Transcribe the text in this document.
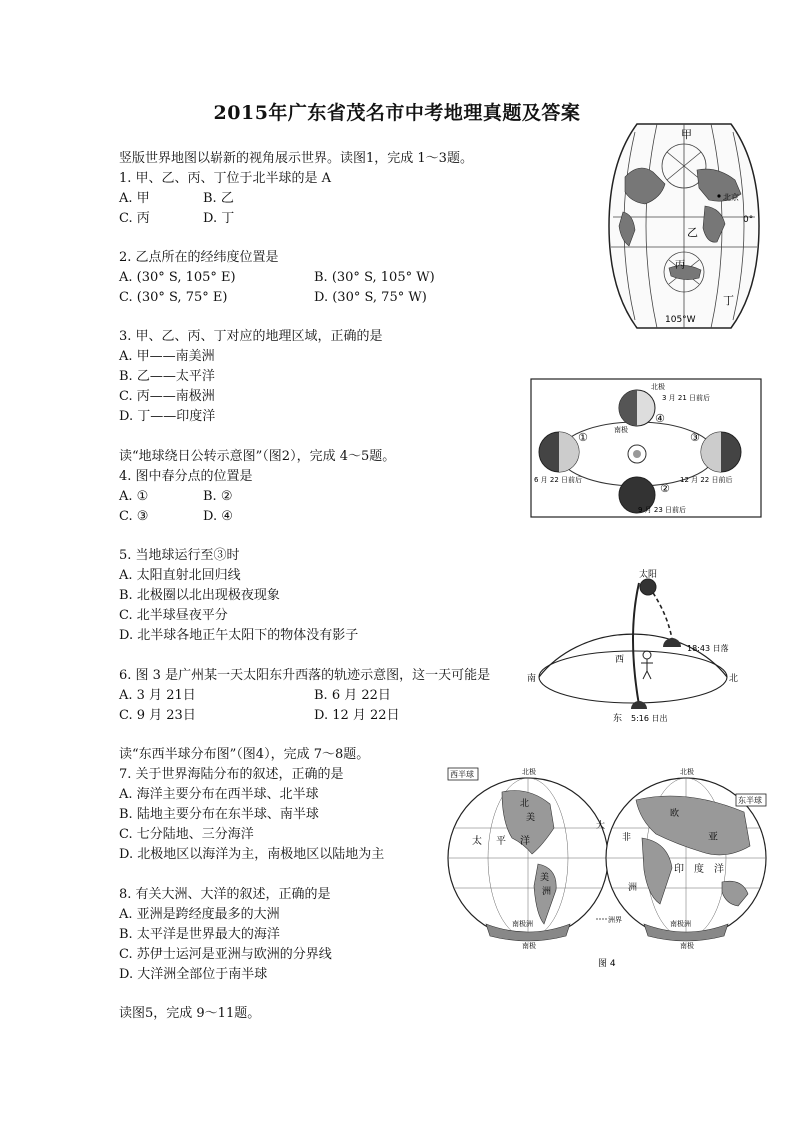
2015年广东省茂名市中考地理真题及答案
竖版世界地图以崭新的视角展示世界。读图1，完成 1～3题。
1. 甲、乙、丙、丁位于北半球的是 A
A. 甲	B. 乙
C. 丙	D. 丁
2. 乙点所在的经纬度位置是
A. (30° S, 105° E)	B. (30° S, 105° W)
C. (30° S, 75° E)	D. (30° S, 75° W)
3. 甲、乙、丙、丁对应的地理区域，正确的是
A. 甲——南美洲
B. 乙——太平洋
C. 丙——南极洲
D. 丁——印度洋
读“地球绕日公转示意图”（图2），完成 4～5题。
4. 图中春分点的位置是
A. ①	B. ②
C. ③	D. ④
5. 当地球运行至③时
A. 太阳直射北回归线
B. 北极圈以北出现极夜现象
C. 北半球昼夜平分
D. 北半球各地正午太阳下的物体没有影子
6. 图 3 是广州某一天太阳东升西落的轨迹示意图，这一天可能是
A. 3 月 21日	B. 6 月 22日
C. 9 月 23日	D. 12 月 22日
读“东西半球分布图”（图4），完成 7～8题。
7. 关于世界海陆分布的叙述，正确的是
A. 海洋主要分布在西半球、北半球
B. 陆地主要分布在东半球、南半球
C. 七分陆地、三分海洋
D. 北极地区以海洋为主，南极地区以陆地为主
8. 有关大洲、大洋的叙述，正确的是
A. 亚洲是跨经度最多的大洲
B. 太平洋是世界最大的海洋
C. 苏伊士运河是亚洲与欧洲的分界线
D. 大洋洲全部位于南半球
读图5，完成 9～11题。
甲
北京
0°
乙
丙
丁
105°W
北极
南极
3 月 21 日前后
6 月 22 日前后	12 月 22 日前后
9 月 23 日前后
①
②
③
④
太阳
西
南	北
东
18:43 日落
5:16 日出
西半球
东半球
北极	北极
南极	南极
太 平 洋
北
美
美
洲
大
欧
非	亚
印 度 洋
洲
南极洲	南极洲
洲界
图 4
